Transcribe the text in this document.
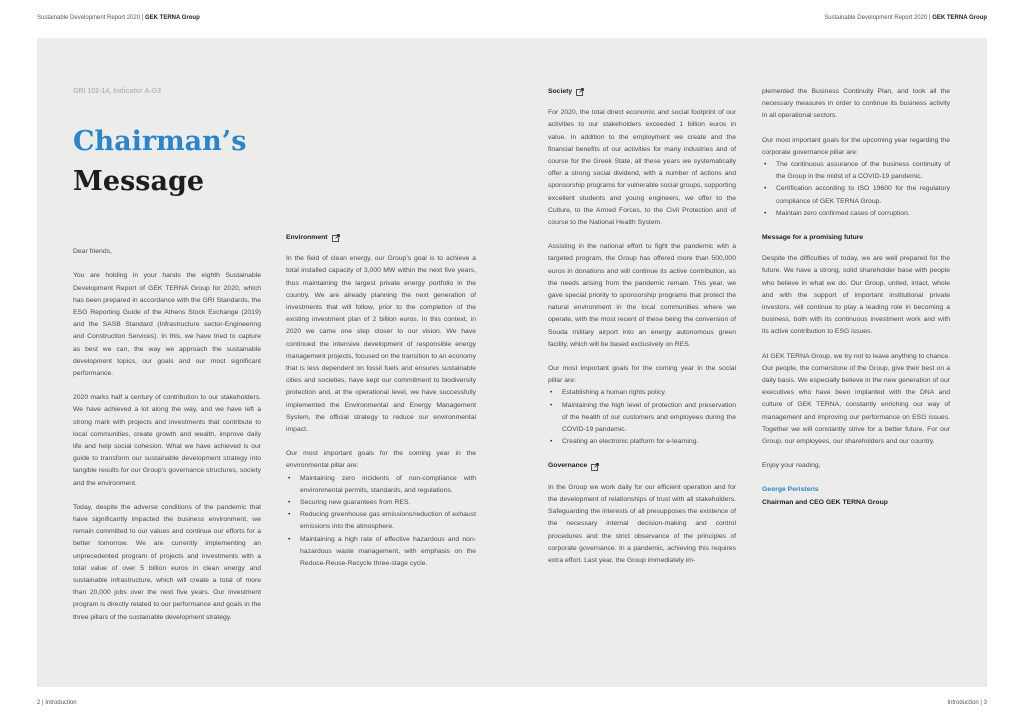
Sustainable Development Report 2020 | GEK TERNA Group	Sustainable Development Report 2020 | GEK TERNA Group
GRI 102-14, Indicator A-G3
Chairman’s
Message

Dear friends,

You are holding in your hands the eighth Sustainable Development Report of GEK TERNA Group for 2020, which has been prepared in accordance with the GRI Standards, the ESG Reporting Guide of the Athens Stock Exchange (2019) and the SASB Standard (Infrastructure sector-Engineering and Construction Services). In this, we have tried to capture as best we can, the way we approach the sustainable development topics, our goals and our most significant performance.

2020 marks half a century of contribution to our stakeholders. We have achieved a lot along the way, and we have left a strong mark with projects and investments that contribute to local communities, create growth and wealth, improve daily life and help social cohesion. What we have achieved is our guide to transform our sustainable development strategy into tangible results for our Group’s governance structures, society and the environment.

Today, despite the adverse conditions of the pandemic that have significantly impacted the business environment, we remain committed to our values and continue our efforts for a better tomorrow. We are currently implementing an unprecedented program of projects and investments with a total value of over 5 billion euros in clean energy and sustainable infrastructure, which will create a total of more than 20,000 jobs over the next five years. Our investment program is directly related to our performance and goals in the three pillars of the sustainable development strategy.

Environment

In the field of clean energy, our Group’s goal is to achieve a total installed capacity of 3,000 MW within the next five years, thus maintaining the largest private energy portfolio in the country. We are already planning the next generation of investments that will follow, prior to the completion of the existing investment plan of 2 billion euros. In this context, in 2020 we came one step closer to our vision. We have continued the intensive development of responsible energy management projects, focused on the transition to an economy that is less dependent on fossil fuels and ensures sustainable cities and societies, have kept our commitment to biodiversity protection and, at the operational level, we have successfully implemented the Environmental and Energy Management System, the official strategy to reduce our environmental impact.

Our most important goals for the coming year in the environmental pillar are:

• Maintaining zero incidents of non-compliance with environmental permits, standards, and regulations.
• Securing new guarantees from RES.
• Reducing greenhouse gas emissions/reduction of exhaust emissions into the atmosphere.
• Maintaining a high rate of effective hazardous and non-hazardous waste management, with emphasis on the Reduce-Reuse-Recycle three-stage cycle.
Society

For 2020, the total direct economic and social footprint of our activities to our stakeholders exceeded 1 billion euros in value. In addition to the employment we create and the financial benefits of our activities for many industries and of course for the Greek State, all these years we systematically offer a strong social dividend, with a number of actions and sponsorship programs for vulnerable social groups, supporting excellent students and young engineers, we offer to the Culture, to the Armed Forces, to the Civil Protection and of course to the National Health System.

Assisting in the national effort to fight the pandemic with a targeted program, the Group has offered more than 500,000 euros in donations and will continue its active contribution, as the needs arising from the pandemic remain. This year, we gave special priority to sponsorship programs that protect the natural environment in the local communities where we operate, with the most recent of these being the conversion of Souda military airport into an energy autonomous green facility, which will be based exclusively on RES.

Our most important goals for the coming year in the social pillar are:

• Establishing a human rights policy.
• Maintaining the high level of protection and preservation of the health of our customers and employees during the COVID-19 pandemic.
• Creating an electronic platform for e-learning.
Governance

In the Group we work daily for our efficient operation and for the development of relationships of trust with all stakeholders. Safeguarding the interests of all presupposes the existence of the necessary internal decision-making and control procedures and the strict observance of the principles of corporate governance. In a pandemic, achieving this requires extra effort. Last year, the Group immediately im-

plemented the Business Continuity Plan, and took all the necessary measures in order to continue its business activity in all operational sectors.

Our most important goals for the upcoming year regarding the corporate governance pillar are:

• The continuous assurance of the business continuity of the Group in the midst of a COVID-19 pandemic.
• Certification according to ISO 19600 for the regulatory compliance of GEK TERNA Group.
• Maintain zero confirmed cases of corruption.
Message for a promising future

Despite the difficulties of today, we are well prepared for the future. We have a strong, solid shareholder base with people who believe in what we do. Our Group, united, intact, whole and with the support of important institutional private investors, will continue to play a leading role in becoming a business, both with its continuous investment work and with its active contribution to ESG issues.

At GEK TERNA Group, we try not to leave anything to chance. Our people, the cornerstone of the Group, give their best on a daily basis. We especially believe in the new generation of our executives who have been implanted with the DNA and culture of GEK TERNA, constantly enriching our way of management and improving our performance on ESG issues. Together we will constantly strive for a better future. For our Group, our employees, our shareholders and our country.

Enjoy your reading,

George Peristeris
Chairman and CEO GEK TERNA Group
2 | Introduction	Introduction | 3
